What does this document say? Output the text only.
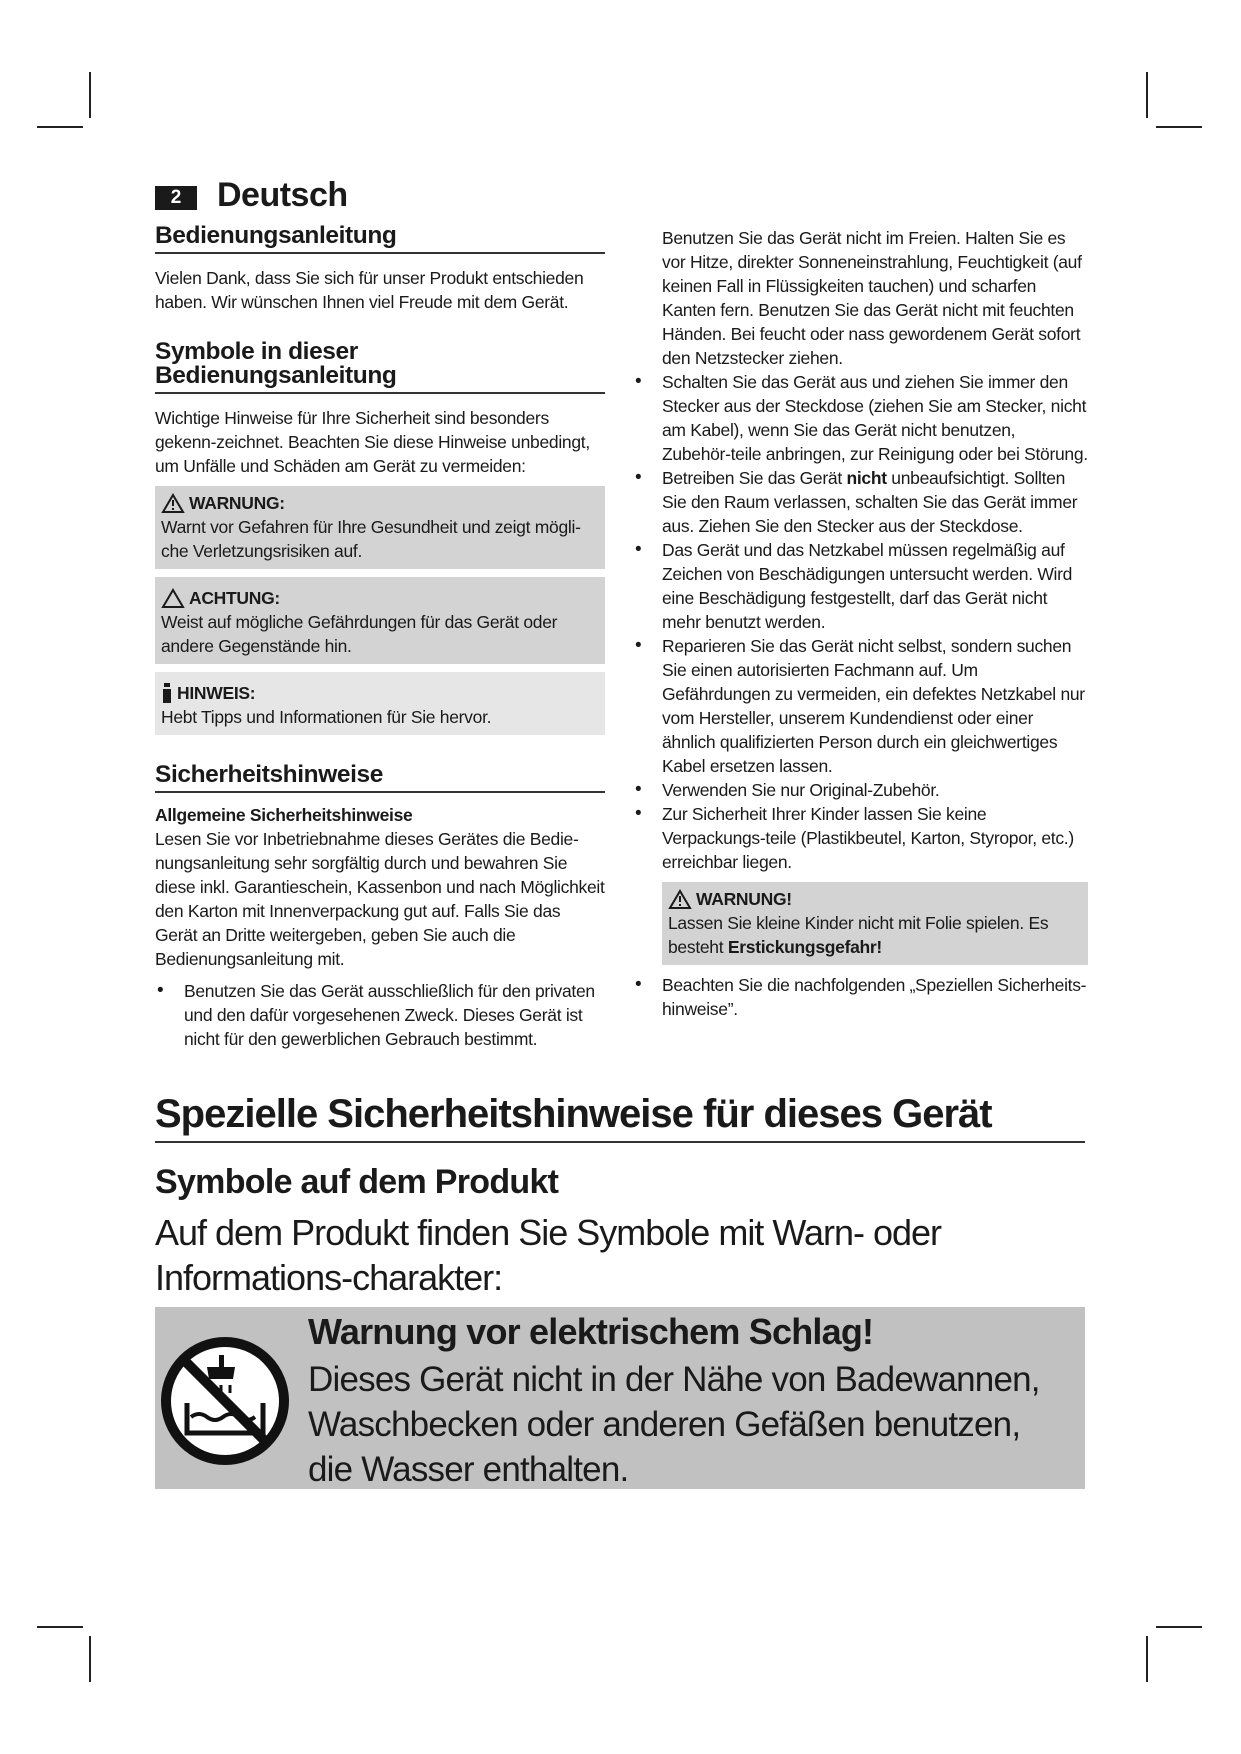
2	Deutsch
Bedienungsanleitung

Vielen Dank, dass Sie sich für unser Produkt entschieden haben. Wir wünschen Ihnen viel Freude mit dem Gerät.

Symbole in dieser Bedienungsanleitung

Wichtige Hinweise für Ihre Sicherheit sind besonders gekenn-zeichnet. Beachten Sie diese Hinweise unbedingt, um Unfälle und Schäden am Gerät zu vermeiden:

WARNUNG:

Warnt vor Gefahren für Ihre Gesundheit und zeigt mögli-che Verletzungsrisiken auf.

ACHTUNG:

Weist auf mögliche Gefährdungen für das Gerät oder andere Gegenstände hin.

HINWEIS:

Hebt Tipps und Informationen für Sie hervor.

Sicherheitshinweise

Allgemeine Sicherheitshinweise

Lesen Sie vor Inbetriebnahme dieses Gerätes die Bedie-nungsanleitung sehr sorgfältig durch und bewahren Sie diese inkl. Garantieschein, Kassenbon und nach Möglichkeit den Karton mit Innenverpackung gut auf. Falls Sie das Gerät an Dritte weitergeben, geben Sie auch die Bedienungsanleitung mit.

• Benutzen Sie das Gerät ausschließlich für den privaten und den dafür vorgesehenen Zweck. Dieses Gerät ist nicht für den gewerblichen Gebrauch bestimmt.

Benutzen Sie das Gerät nicht im Freien. Halten Sie es vor Hitze, direkter Sonneneinstrahlung, Feuchtigkeit (auf keinen Fall in Flüssigkeiten tauchen) und scharfen Kanten fern. Benutzen Sie das Gerät nicht mit feuchten Händen. Bei feucht oder nass gewordenem Gerät sofort den Netzstecker ziehen.

• Schalten Sie das Gerät aus und ziehen Sie immer den Stecker aus der Steckdose (ziehen Sie am Stecker, nicht am Kabel), wenn Sie das Gerät nicht benutzen, Zubehör-teile anbringen, zur Reinigung oder bei Störung.
• Betreiben Sie das Gerät nicht unbeaufsichtigt. Sollten Sie den Raum verlassen, schalten Sie das Gerät immer aus. Ziehen Sie den Stecker aus der Steckdose.
• Das Gerät und das Netzkabel müssen regelmäßig auf Zeichen von Beschädigungen untersucht werden. Wird eine Beschädigung festgestellt, darf das Gerät nicht mehr benutzt werden.
• Reparieren Sie das Gerät nicht selbst, sondern suchen Sie einen autorisierten Fachmann auf. Um Gefährdungen zu vermeiden, ein defektes Netzkabel nur vom Hersteller, unserem Kundendienst oder einer ähnlich qualifizierten Person durch ein gleichwertiges Kabel ersetzen lassen.
• Verwenden Sie nur Original-Zubehör.
• Zur Sicherheit Ihrer Kinder lassen Sie keine Verpackungs-teile (Plastikbeutel, Karton, Styropor, etc.) erreichbar liegen.
WARNUNG!

Lassen Sie kleine Kinder nicht mit Folie spielen. Es besteht Erstickungsgefahr!

• Beachten Sie die nachfolgenden „Speziellen Sicherheits-hinweise”.
Spezielle Sicherheitshinweise für dieses Gerät
Symbole auf dem Produkt
Auf dem Produkt finden Sie Symbole mit Warn- oder Informations-charakter:
Warnung vor elektrischem Schlag!
Dieses Gerät nicht in der Nähe von Badewannen, Waschbecken oder anderen Gefäßen benutzen, die Wasser enthalten.
